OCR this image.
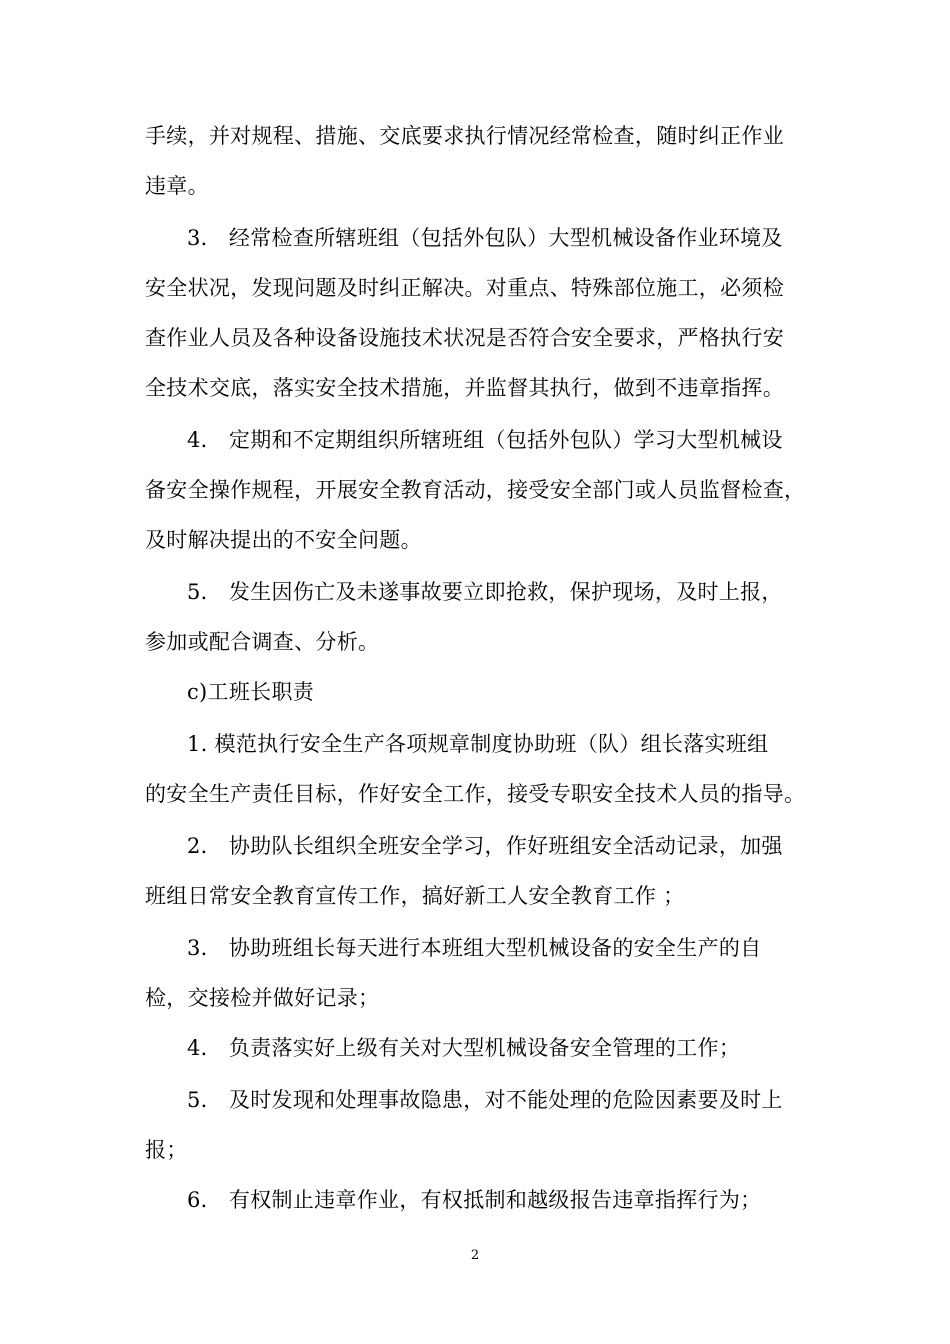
手续，并对规程、措施、交底要求执行情况经常检查，随时纠正作业
违章。
3． 经常检查所辖班组（包括外包队）大型机械设备作业环境及
安全状况，发现问题及时纠正解决。对重点、特殊部位施工，必须检
查作业人员及各种设备设施技术状况是否符合安全要求，严格执行安
全技术交底，落实安全技术措施，并监督其执行，做到不违章指挥。
4． 定期和不定期组织所辖班组（包括外包队）学习大型机械设
备安全操作规程，开展安全教育活动，接受安全部门或人员监督检查，
及时解决提出的不安全问题。
5． 发生因伤亡及未遂事故要立即抢救，保护现场，及时上报，
参加或配合调查、分析。
c)工班长职责
1. 模范执行安全生产各项规章制度协助班（队）组长落实班组
的安全生产责任目标，作好安全工作，接受专职安全技术人员的指导。
2． 协助队长组织全班安全学习，作好班组安全活动记录，加强
班组日常安全教育宣传工作，搞好新工人安全教育工作 ；
3． 协助班组长每天进行本班组大型机械设备的安全生产的自
检，交接检并做好记录；
4． 负责落实好上级有关对大型机械设备安全管理的工作；
5． 及时发现和处理事故隐患，对不能处理的危险因素要及时上
报；
6． 有权制止违章作业，有权抵制和越级报告违章指挥行为；
2
